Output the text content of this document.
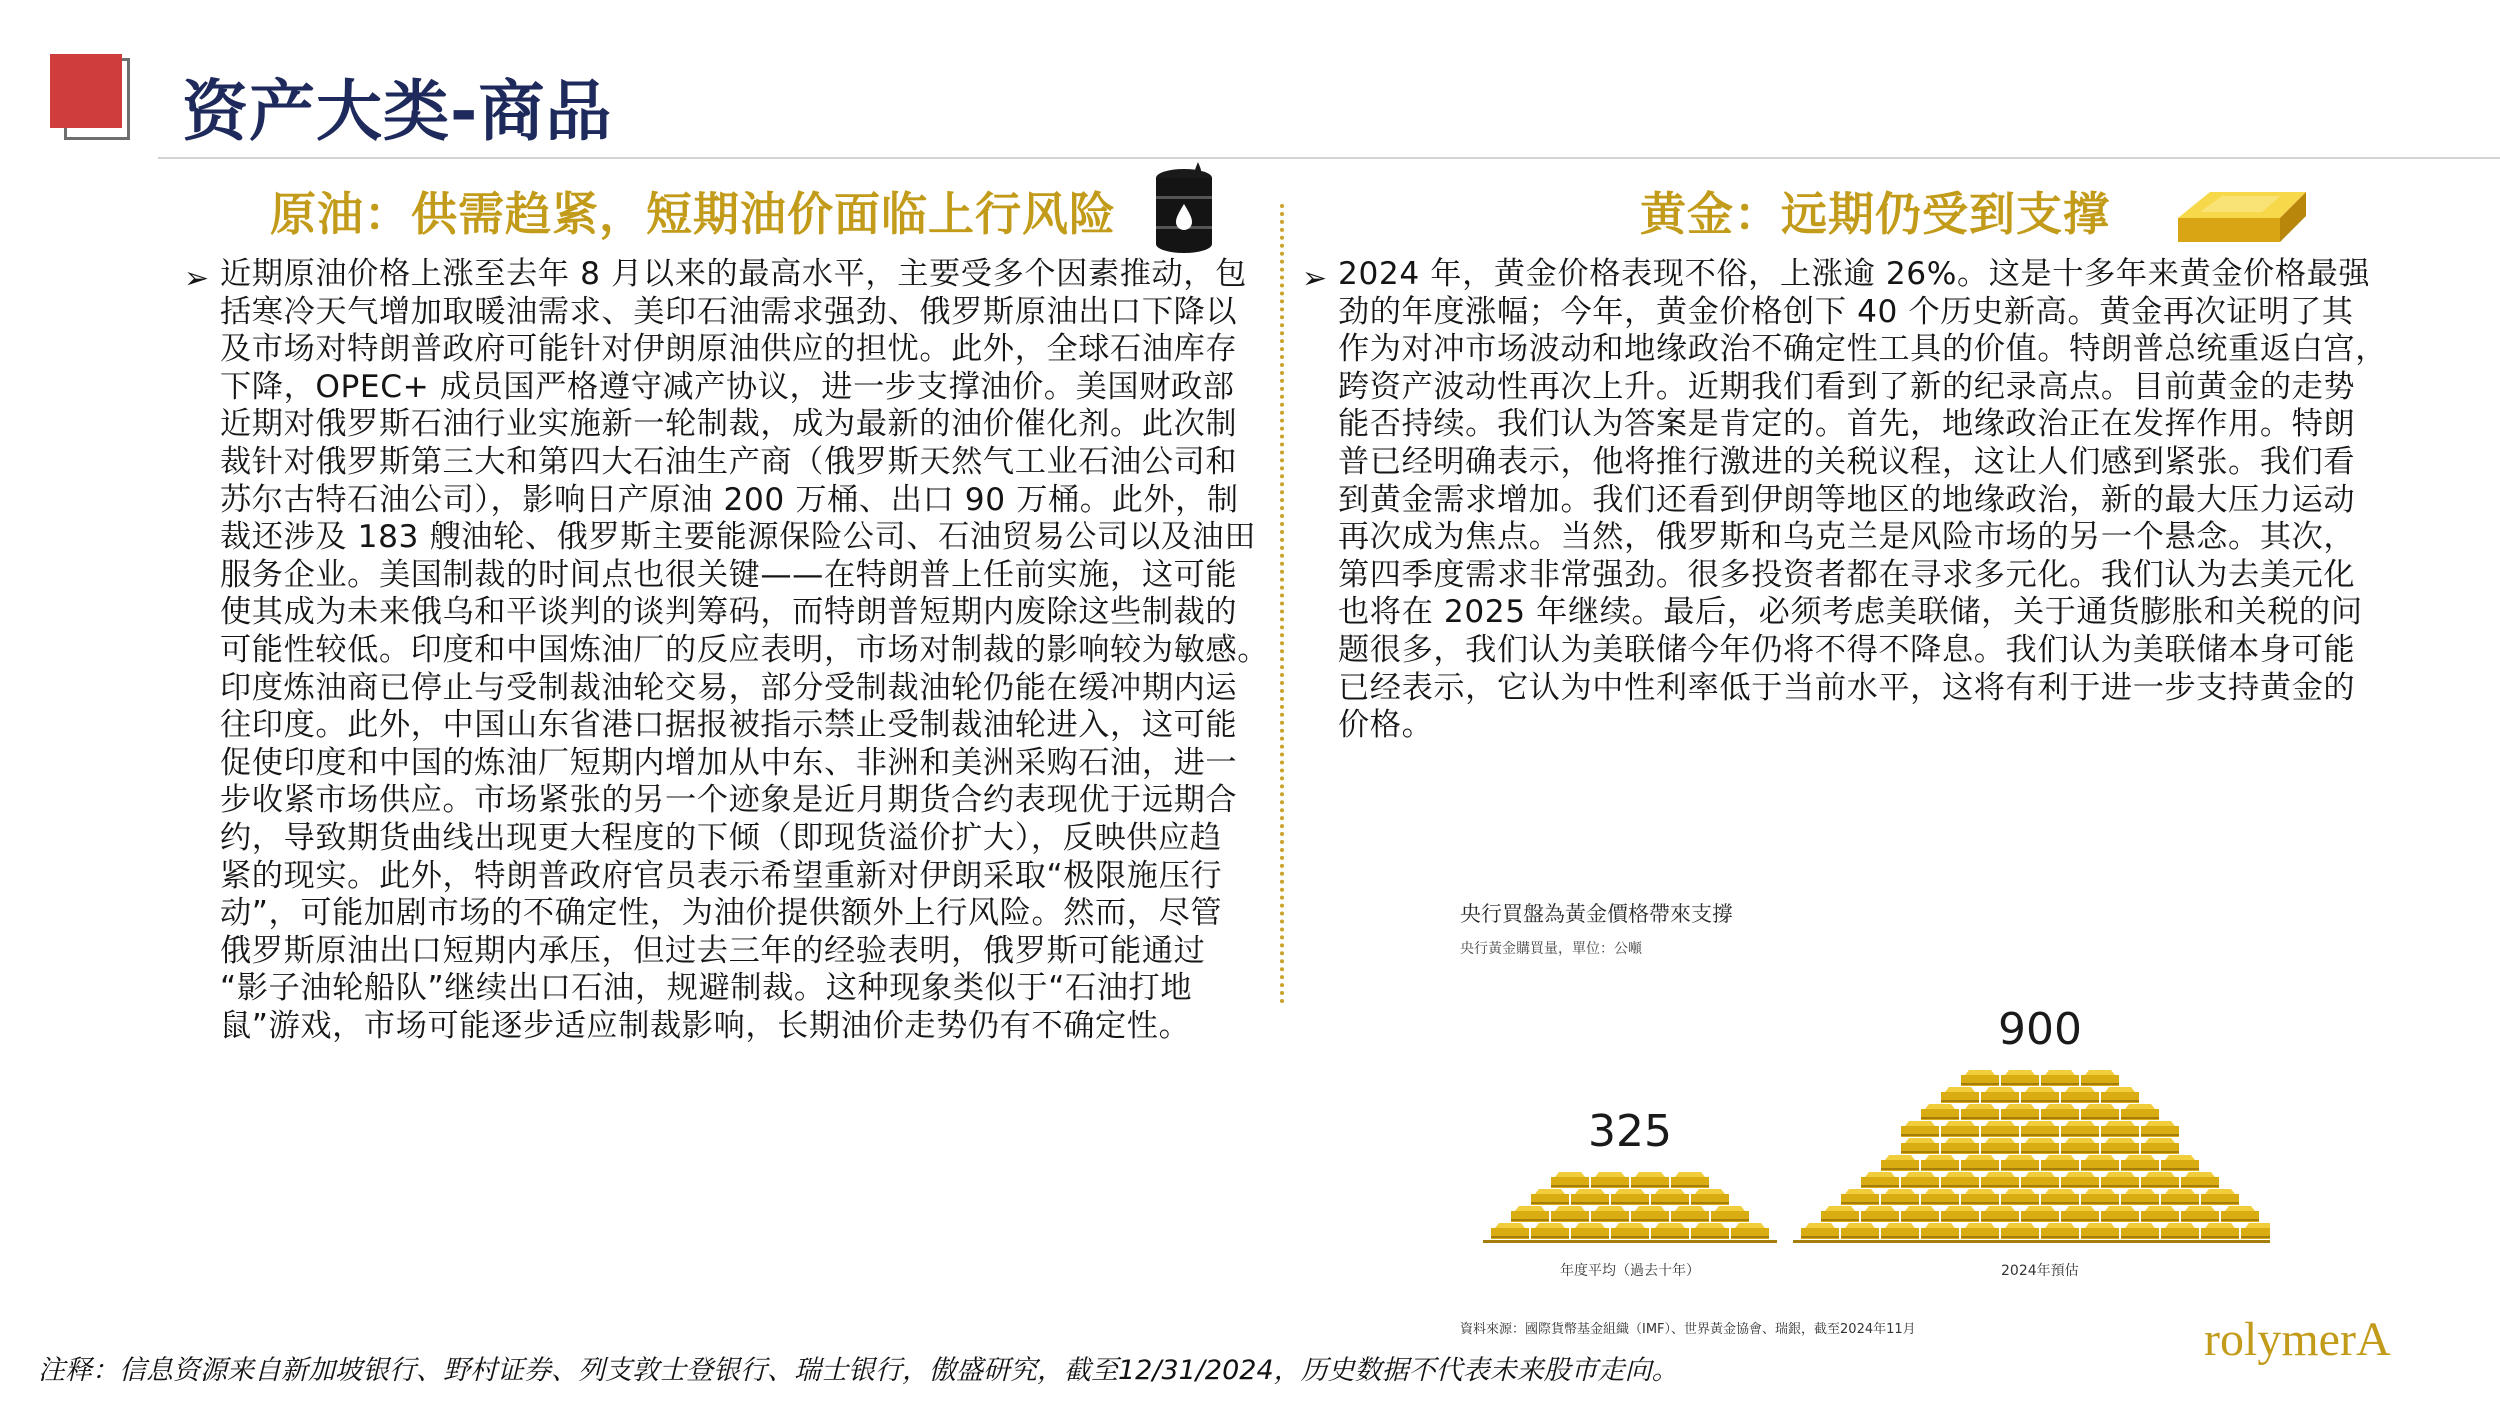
资产大类-商品
原油：供需趋紧，短期油价面临上行风险
➢ 近期原油价格上涨至去年 8 月以来的最高水平，主要受多个因素推动，包
括寒冷天气增加取暖油需求、美印石油需求强劲、俄罗斯原油出口下降以
及市场对特朗普政府可能针对伊朗原油供应的担忧。此外，全球石油库存
下降，OPEC+ 成员国严格遵守减产协议，进一步支撑油价。美国财政部
近期对俄罗斯石油行业实施新一轮制裁，成为最新的油价催化剂。此次制
裁针对俄罗斯第三大和第四大石油生产商（俄罗斯天然气工业石油公司和
苏尔古特石油公司），影响日产原油 200 万桶、出口 90 万桶。此外，制
裁还涉及 183 艘油轮、俄罗斯主要能源保险公司、石油贸易公司以及油田
服务企业。美国制裁的时间点也很关键——在特朗普上任前实施，这可能
使其成为未来俄乌和平谈判的谈判筹码，而特朗普短期内废除这些制裁的
可能性较低。印度和中国炼油厂的反应表明，市场对制裁的影响较为敏感。
印度炼油商已停止与受制裁油轮交易，部分受制裁油轮仍能在缓冲期内运
往印度。此外，中国山东省港口据报被指示禁止受制裁油轮进入，这可能
促使印度和中国的炼油厂短期内增加从中东、非洲和美洲采购石油，进一
步收紧市场供应。市场紧张的另一个迹象是近月期货合约表现优于远期合
约，导致期货曲线出现更大程度的下倾（即现货溢价扩大），反映供应趋
紧的现实。此外，特朗普政府官员表示希望重新对伊朗采取“极限施压行
动”，可能加剧市场的不确定性，为油价提供额外上行风险。然而，尽管
俄罗斯原油出口短期内承压，但过去三年的经验表明，俄罗斯可能通过
“影子油轮船队”继续出口石油，规避制裁。这种现象类似于“石油打地
鼠”游戏，市场可能逐步适应制裁影响，长期油价走势仍有不确定性。
黄金：远期仍受到支撑
➢ 2024 年，黄金价格表现不俗，上涨逾 26%。这是十多年来黄金价格最强
劲的年度涨幅；今年，黄金价格创下 40 个历史新高。黄金再次证明了其
作为对冲市场波动和地缘政治不确定性工具的价值。特朗普总统重返白宫，
跨资产波动性再次上升。近期我们看到了新的纪录高点。目前黄金的走势
能否持续。我们认为答案是肯定的。首先，地缘政治正在发挥作用。特朗
普已经明确表示，他将推行激进的关税议程，这让人们感到紧张。我们看
到黄金需求增加。我们还看到伊朗等地区的地缘政治，新的最大压力运动
再次成为焦点。当然，俄罗斯和乌克兰是风险市场的另一个悬念。其次，
第四季度需求非常强劲。很多投资者都在寻求多元化。我们认为去美元化
也将在 2025 年继续。最后，必须考虑美联储，关于通货膨胀和关税的问
题很多，我们认为美联储今年仍将不得不降息。我们认为美联储本身可能
已经表示，它认为中性利率低于当前水平，这将有利于进一步支持黄金的
价格。
央行買盤為黃金價格帶來支撐
央行黃金購買量，單位：公噸
325
900
年度平均（過去十年）	2024年預估
資料來源：國際貨幣基金組織（IMF）、世界黃金協會、瑞銀，截至2024年11月
注释：信息资源来自新加坡银行、野村证券、列支敦士登银行、瑞士银行，傲盛研究，截至12/31/2024，历史数据不代表未来股市走向。
rolymerA
